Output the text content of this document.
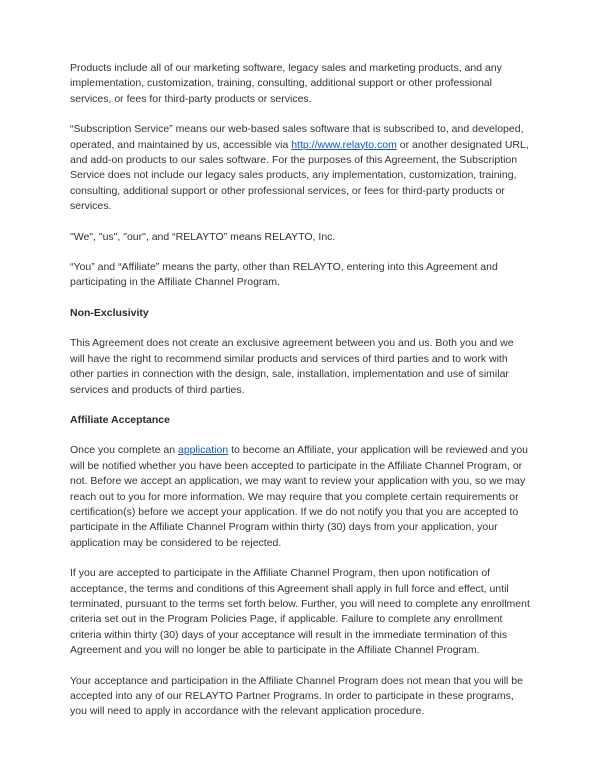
Products include all of our marketing software, legacy sales and marketing products, and any implementation, customization, training, consulting, additional support or other professional services, or fees for third-party products or services.

“Subscription Service” means our web-based sales software that is subscribed to, and developed, operated, and maintained by us, accessible via http://www.relayto.com or another designated URL, and add-on products to our sales software. For the purposes of this Agreement, the Subscription Service does not include our legacy sales products, any implementation, customization, training, consulting, additional support or other professional services, or fees for third-party products or services.

"We", "us", "our", and “RELAYTO” means RELAYTO, Inc.

“You” and “Affiliate” means the party, other than RELAYTO, entering into this Agreement and participating in the Affiliate Channel Program.

Non-Exclusivity

This Agreement does not create an exclusive agreement between you and us. Both you and we will have the right to recommend similar products and services of third parties and to work with other parties in connection with the design, sale, installation, implementation and use of similar services and products of third parties.

Affiliate Acceptance

Once you complete an application to become an Affiliate, your application will be reviewed and you will be notified whether you have been accepted to participate in the Affiliate Channel Program, or not. Before we accept an application, we may want to review your application with you, so we may reach out to you for more information. We may require that you complete certain requirements or certification(s) before we accept your application. If we do not notify you that you are accepted to participate in the Affiliate Channel Program within thirty (30) days from your application, your application may be considered to be rejected.

If you are accepted to participate in the Affiliate Channel Program, then upon notification of acceptance, the terms and conditions of this Agreement shall apply in full force and effect, until terminated, pursuant to the terms set forth below. Further, you will need to complete any enrollment criteria set out in the Program Policies Page, if applicable. Failure to complete any enrollment criteria within thirty (30) days of your acceptance will result in the immediate termination of this Agreement and you will no longer be able to participate in the Affiliate Channel Program.

Your acceptance and participation in the Affiliate Channel Program does not mean that you will be accepted into any of our RELAYTO Partner Programs. In order to participate in these programs, you will need to apply in accordance with the relevant application procedure.
